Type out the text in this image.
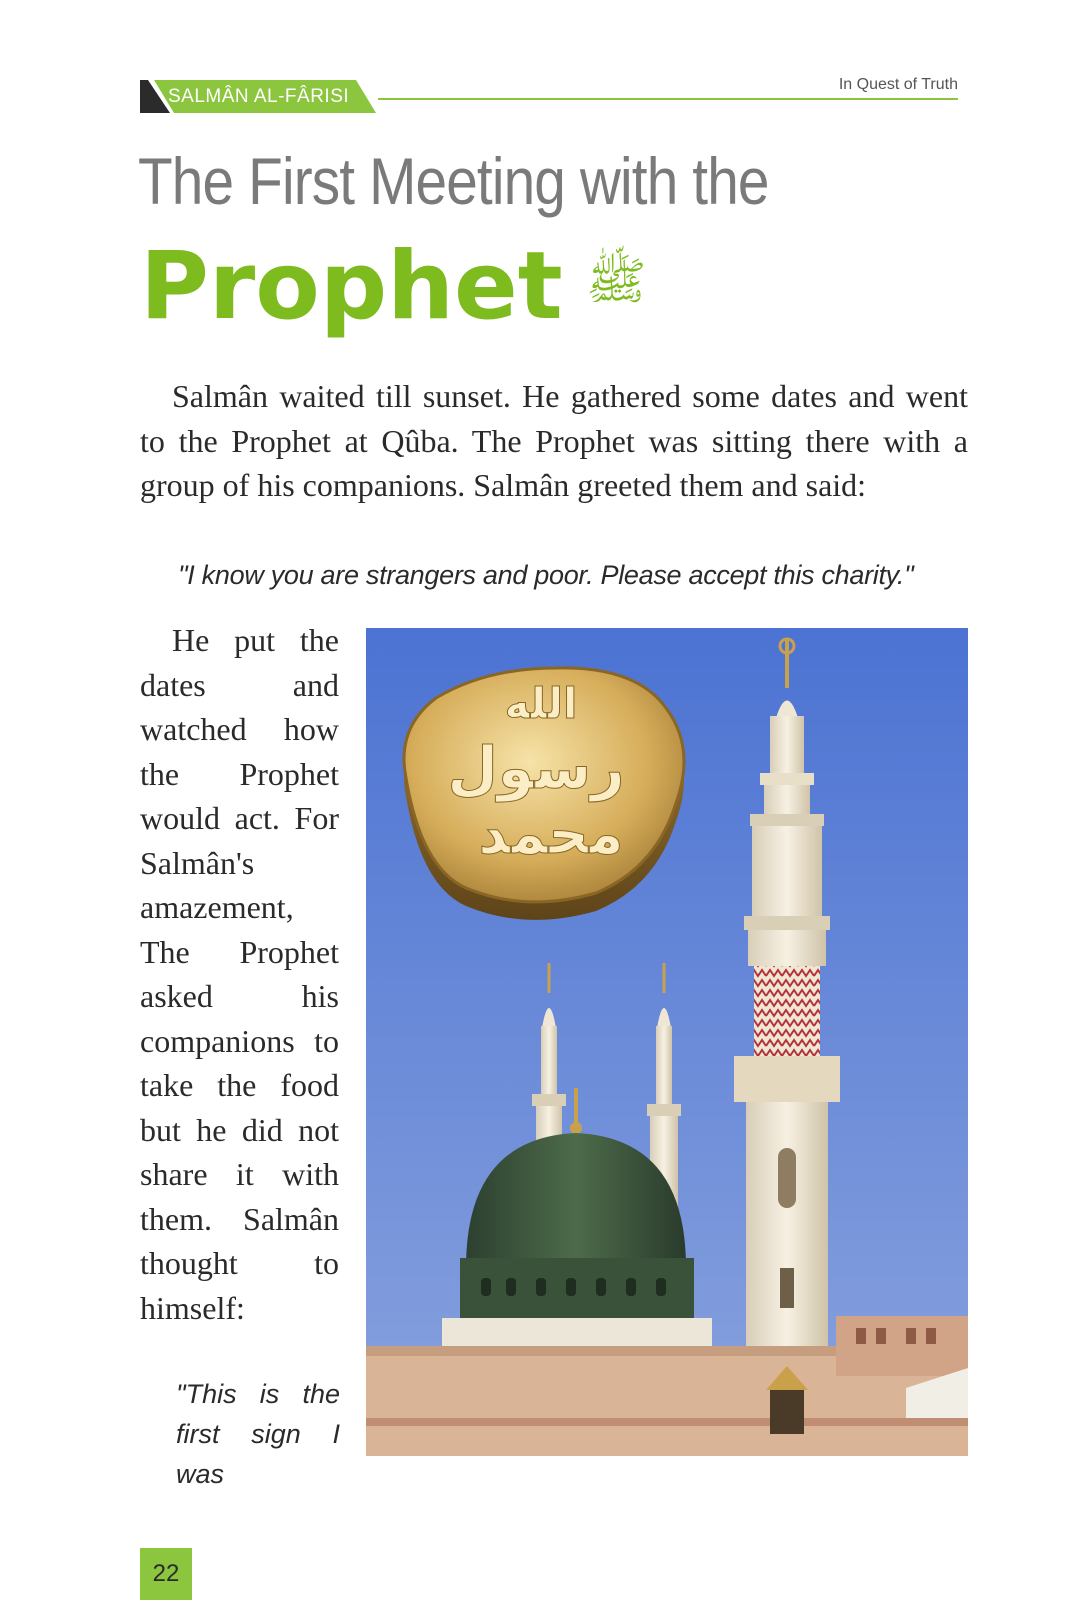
SALMÂN AL-FÂRISI
In Quest of Truth
The First Meeting with the
Prophet ﷺ

Salmân waited till sunset. He gathered some dates and went to the Prophet at Qûba. The Prophet was sitting there with a group of his companions. Salmân greeted them and said:

"I know you are strangers and poor. Please accept this charity."

He put the dates and watched how the Prophet would act. For Salmân's amazement, The Prophet asked his companions to take the food but he did not share it with them. Salmân thought to himself:

"This is the first sign I was

الله
رسول
محمد
22
